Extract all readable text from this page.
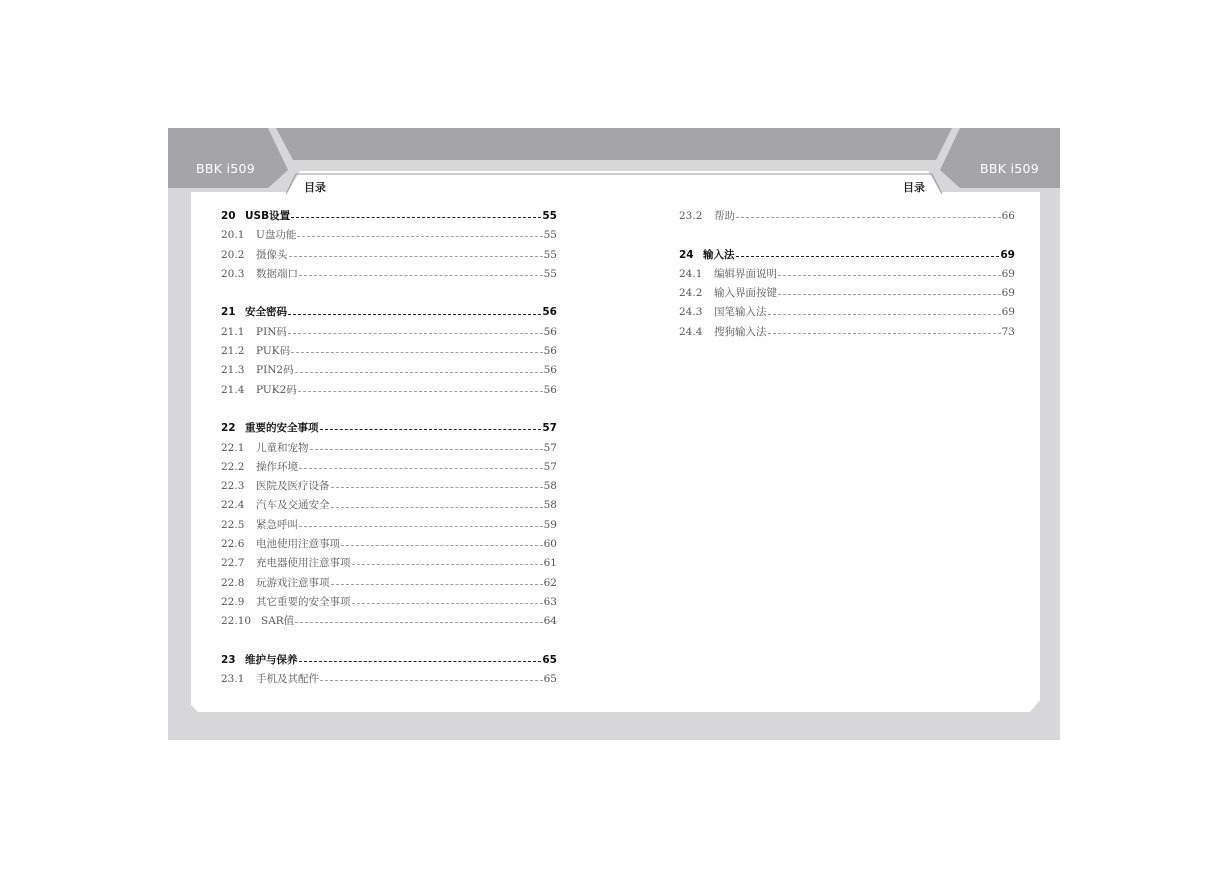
BBK i509	BBK i509
目录	目录
20 USB设置	55
20.1	U盘功能	55
20.2	摄像头	55
20.3	数据端口	55
21 安全密码	56
21.1	PIN码	56
21.2	PUK码	56
21.3	PIN2码	56
21.4	PUK2码	56
22 重要的安全事项	57
22.1	儿童和宠物	57
22.2	操作环境	57
22.3	医院及医疗设备	58
22.4	汽车及交通安全	58
22.5	紧急呼叫	59
22.6	电池使用注意事项	60
22.7	充电器使用注意事项	61
22.8	玩游戏注意事项	62
22.9	其它重要的安全事项	63
22.10 SAR值	64
23 维护与保养	65
23.1	手机及其配件	65
23.2	帮助	66
24 输入法	69
24.1	编辑界面说明	69
24.2	输入界面按键	69
24.3	国笔输入法	69
24.4	搜狗输入法	73
